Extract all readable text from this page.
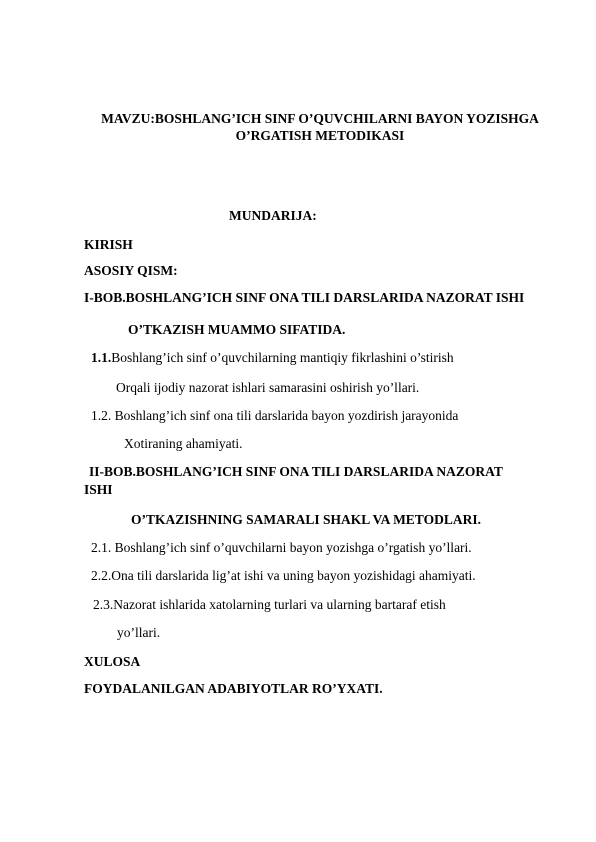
MAVZU:BOSHLANG’ICH SINF O’QUVCHILARNI BAYON YOZISHGA
O’RGATISH METODIKASI
MUNDARIJA:
KIRISH
ASOSIY QISM:
I-BOB.BOSHLANG’ICH SINF ONA TILI DARSLARIDA NAZORAT ISHI
O’TKAZISH MUAMMO SIFATIDA.
1.1.Boshlang’ich sinf o’quvchilarning mantiqiy fikrlashini o’stirish
Orqali ijodiy nazorat ishlari samarasini oshirish yo’llari.
1.2. Boshlang’ich sinf ona tili darslarida bayon yozdirish jarayonida
Xotiraning ahamiyati.
II-BOB.BOSHLANG’ICH SINF ONA TILI DARSLARIDA NAZORAT
ISHI
O’TKAZISHNING SAMARALI SHAKL VA METODLARI.
2.1. Boshlang’ich sinf o’quvchilarni bayon yozishga o’rgatish yo’llari.
2.2.Ona tili darslarida lig’at ishi va uning bayon yozishidagi ahamiyati.
2.3.Nazorat ishlarida xatolarning turlari va ularning bartaraf etish
yo’llari.
XULOSA
FOYDALANILGAN ADABIYOTLAR RO’YXATI.
